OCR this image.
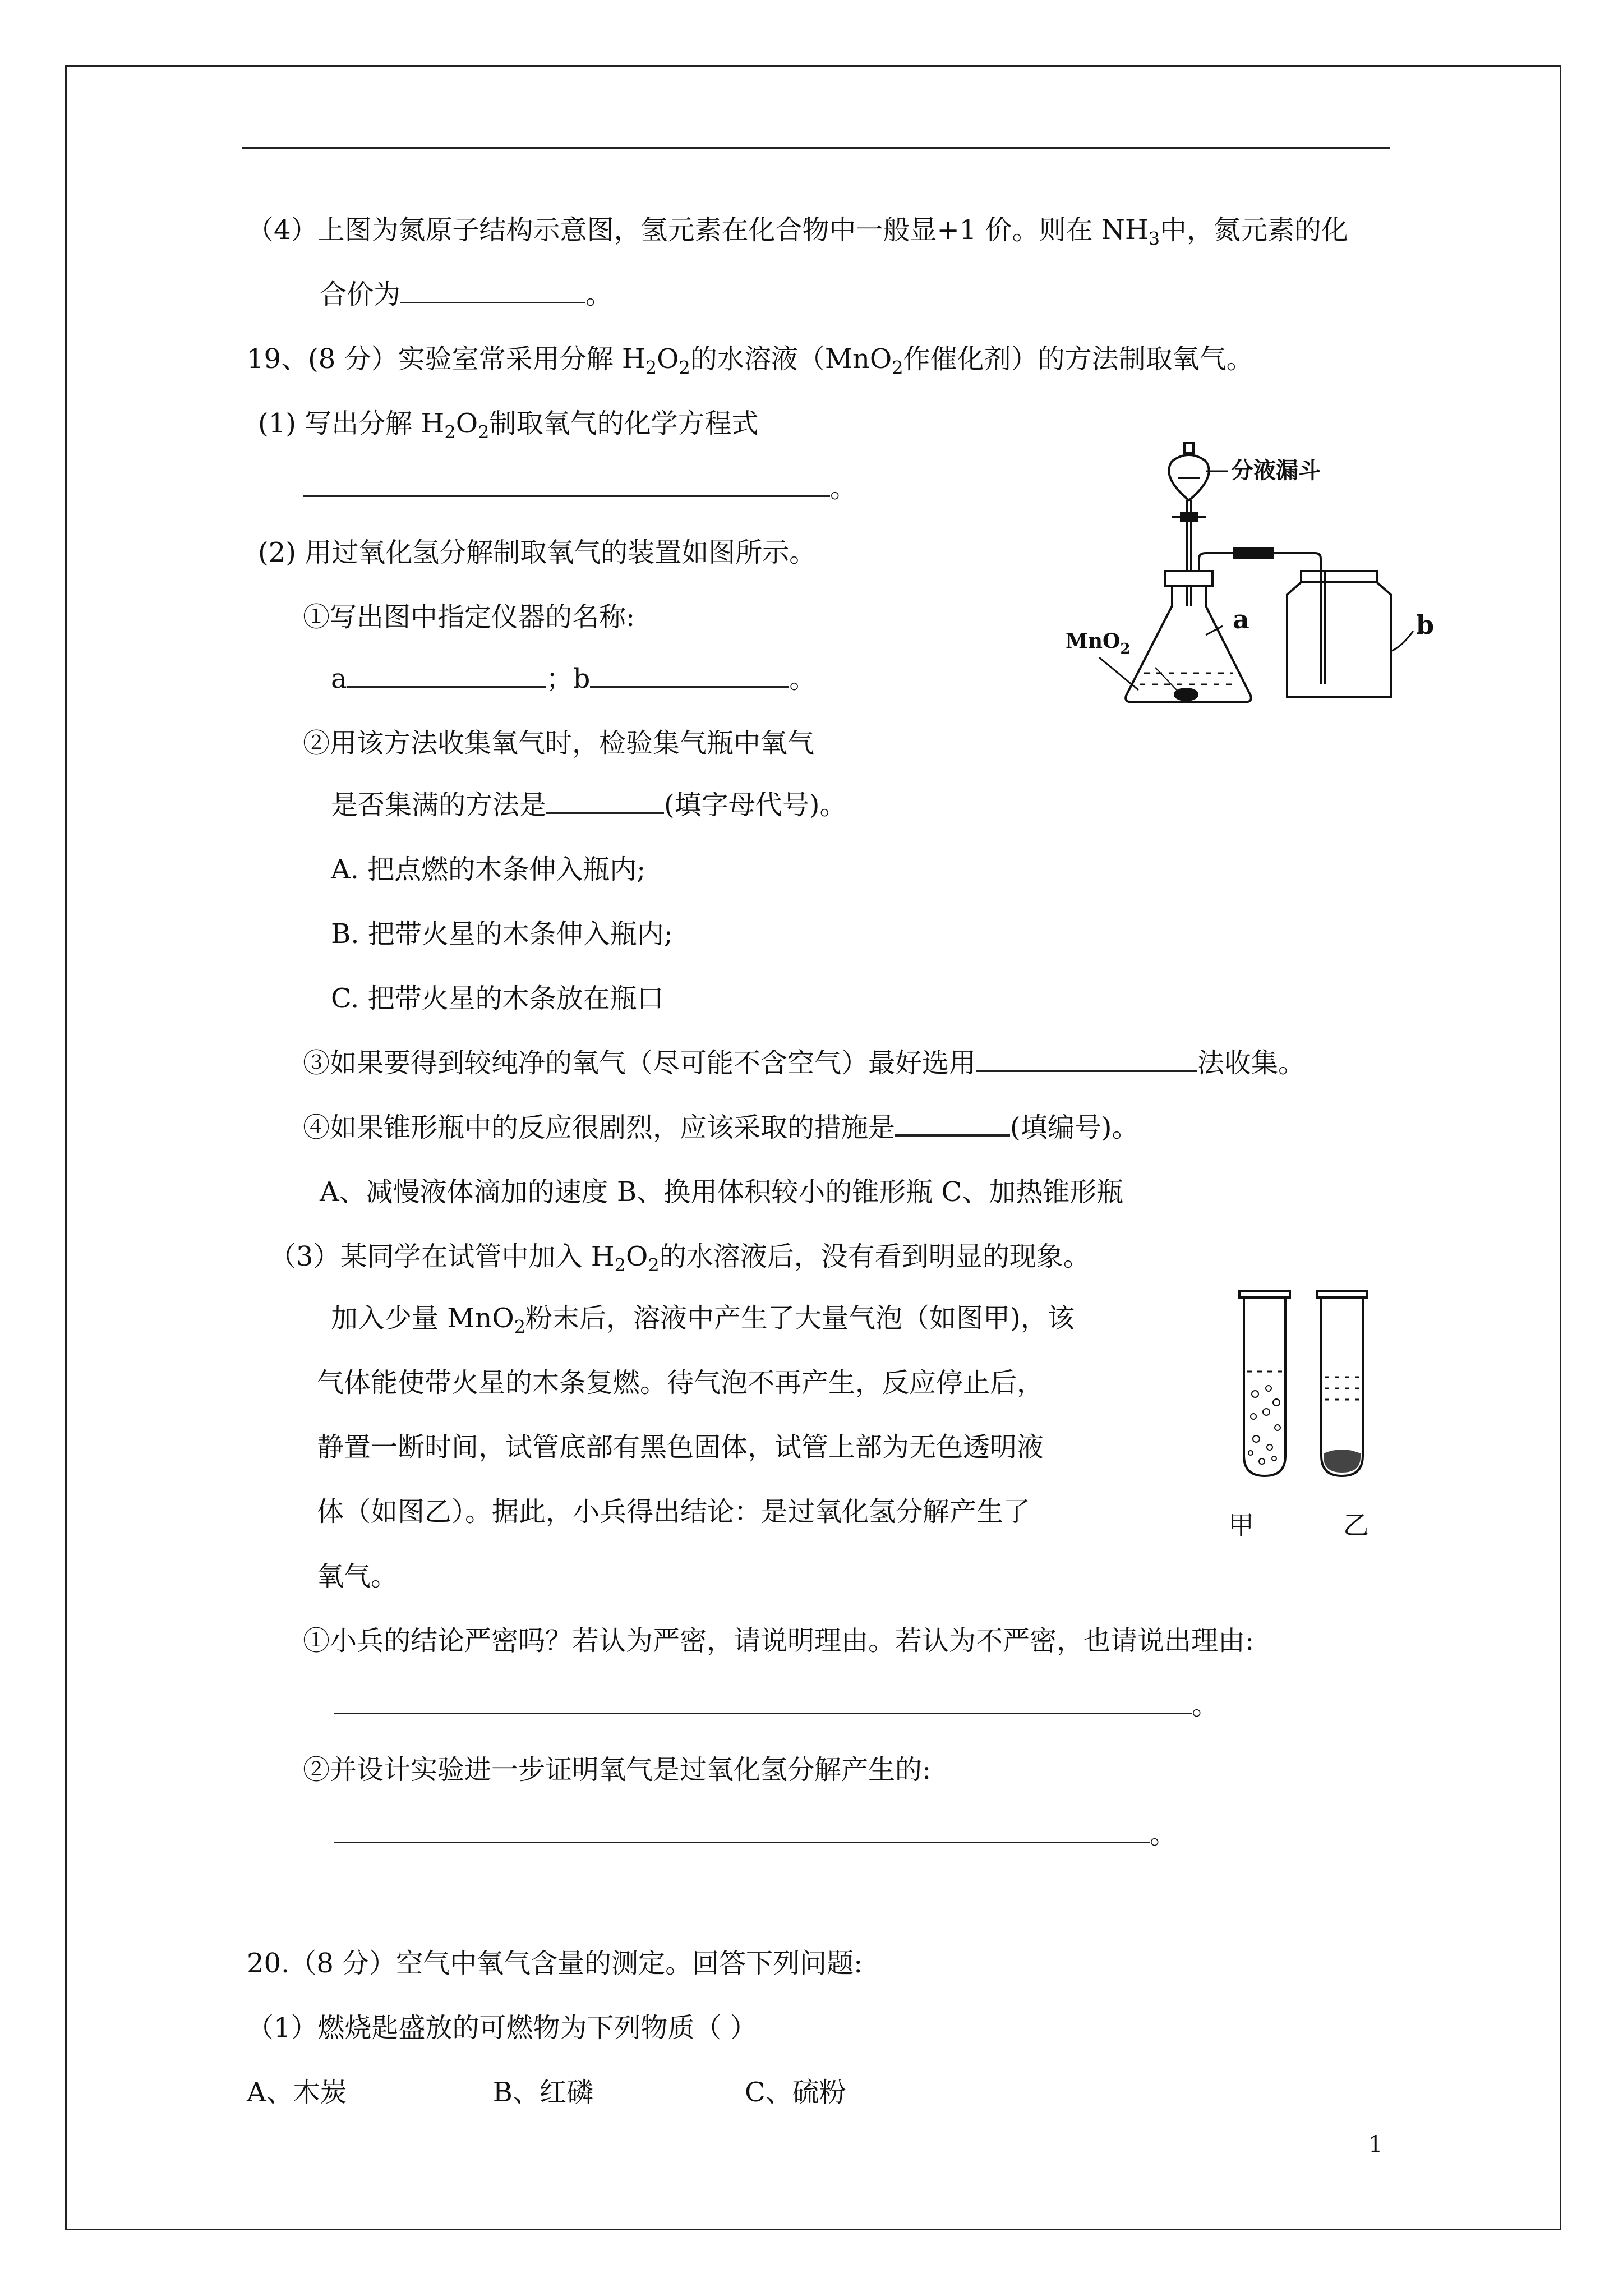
（4）上图为氮原子结构示意图，氢元素在化合物中一般显+1 价。则在 $NH_3$中，氮元素的化
合价为	。
19、(8 分）实验室常采用分解 $H_2O_2$的水溶液（MnO$_2$作催化剂）的方法制取氧气。
(1) 写出分解 $H_2O_2$制取氧气的化学方程式
。
(2) 用过氧化氢分解制取氧气的装置如图所示。
①写出图中指定仪器的名称:
a	；b	。
②用该方法收集氧气时，检验集气瓶中氧气
是否集满的方法是	(填字母代号)。
A. 把点燃的木条伸入瓶内;
B. 把带火星的木条伸入瓶内;
C. 把带火星的木条放在瓶口
③如果要得到较纯净的氧气（尽可能不含空气）最好选用	法收集。
④如果锥形瓶中的反应很剧烈，应该采取的措施是	(填编号)。
A、减慢液体滴加的速度 B、换用体积较小的锥形瓶 C、加热锥形瓶
（3）某同学在试管中加入 $H_2O_2$的水溶液后，没有看到明显的现象。
加入少量 MnO$_2$粉末后，溶液中产生了大量气泡（如图甲)，该
气体能使带火星的木条复燃。待气泡不再产生，反应停止后，
静置一断时间，试管底部有黑色固体，试管上部为无色透明液
体（如图乙）。据此，小兵得出结论：是过氧化氢分解产生了
氧气。
①小兵的结论严密吗？若认为严密，请说明理由。若认为不严密，也请说出理由:
。
②并设计实验进一步证明氧气是过氧化氢分解产生的:
。
20.（8 分）空气中氧气含量的测定。回答下列问题:
（1）燃烧匙盛放的可燃物为下列物质（ ）
A、木炭	B、红磷	C、硫粉
1
分液漏斗
a	b
MnO$_2$
甲	乙
